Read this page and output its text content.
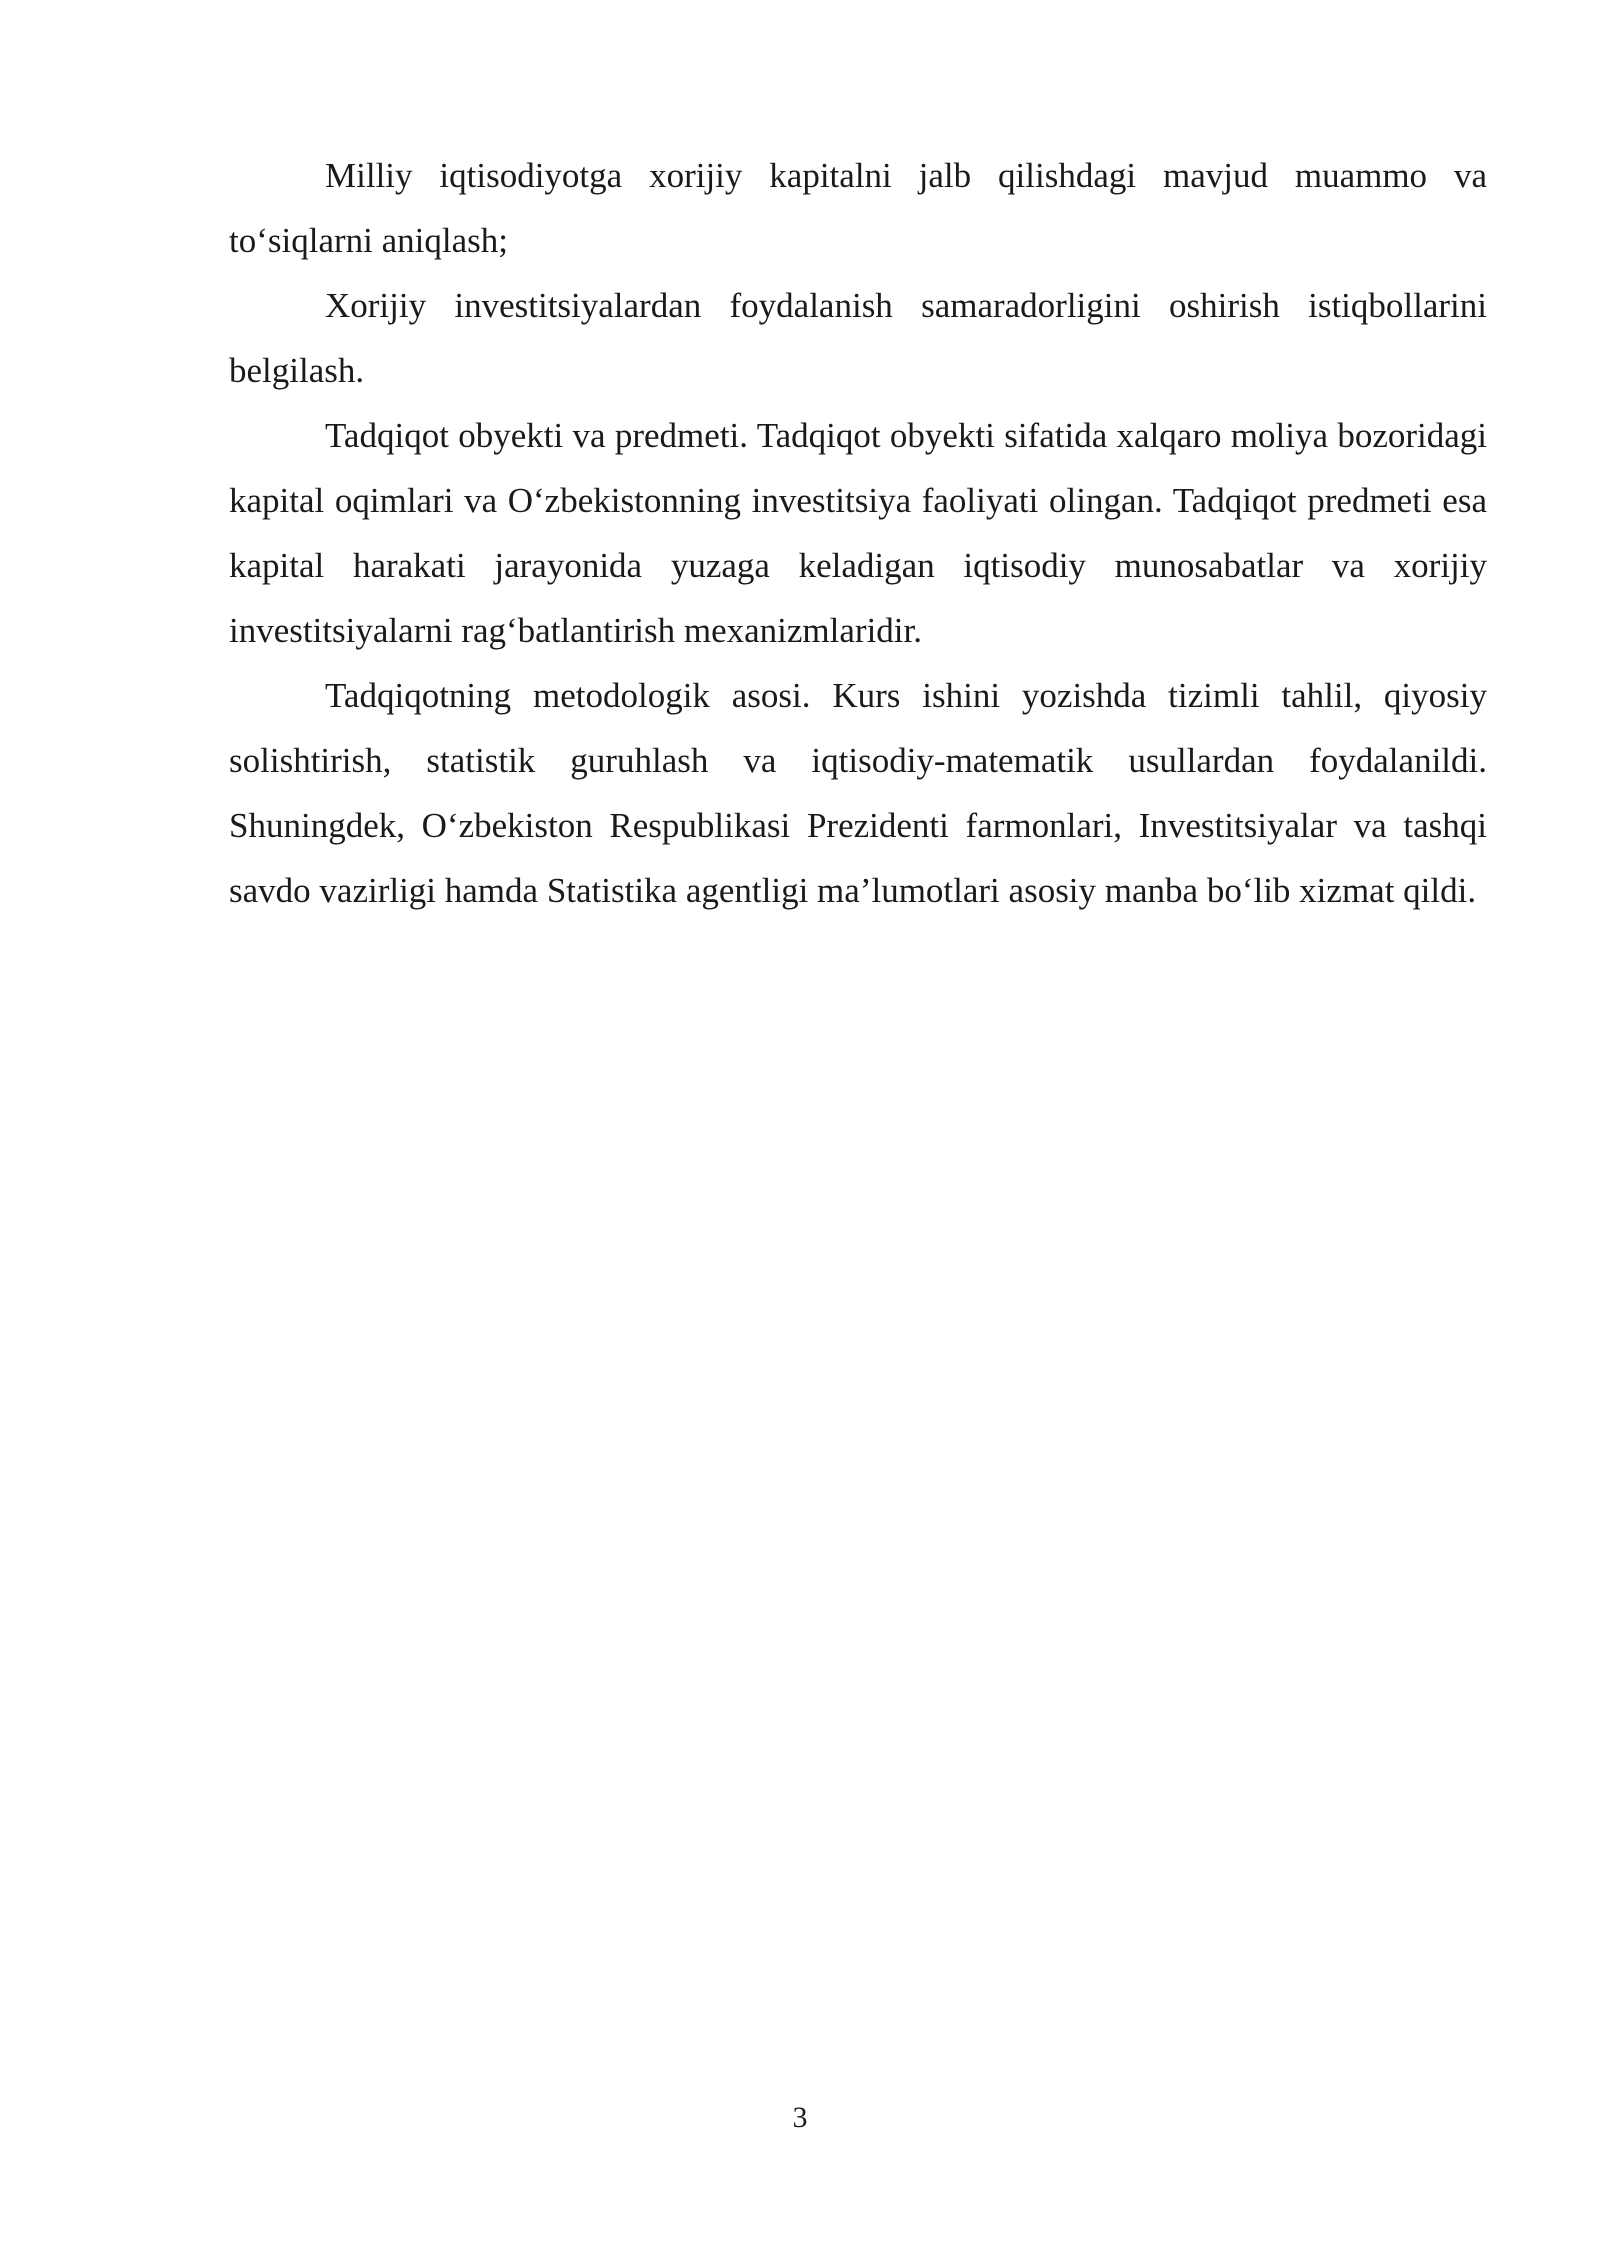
Milliy iqtisodiyotga xorijiy kapitalni jalb qilishdagi mavjud muammo va to‘siqlarni aniqlash;

Xorijiy investitsiyalardan foydalanish samaradorligini oshirish istiqbollarini belgilash.

Tadqiqot obyekti va predmeti. Tadqiqot obyekti sifatida xalqaro moliya bozoridagi kapital oqimlari va O‘zbekistonning investitsiya faoliyati olingan. Tadqiqot predmeti esa kapital harakati jarayonida yuzaga keladigan iqtisodiy munosabatlar va xorijiy investitsiyalarni rag‘batlantirish mexanizmlaridir.

Tadqiqotning metodologik asosi. Kurs ishini yozishda tizimli tahlil, qiyosiy solishtirish, statistik guruhlash va iqtisodiy-matematik usullardan foydalanildi. Shuningdek, O‘zbekiston Respublikasi Prezidenti farmonlari, Investitsiyalar va tashqi savdo vazirligi hamda Statistika agentligi ma’lumotlari asosiy manba bo‘lib xizmat qildi.

3
